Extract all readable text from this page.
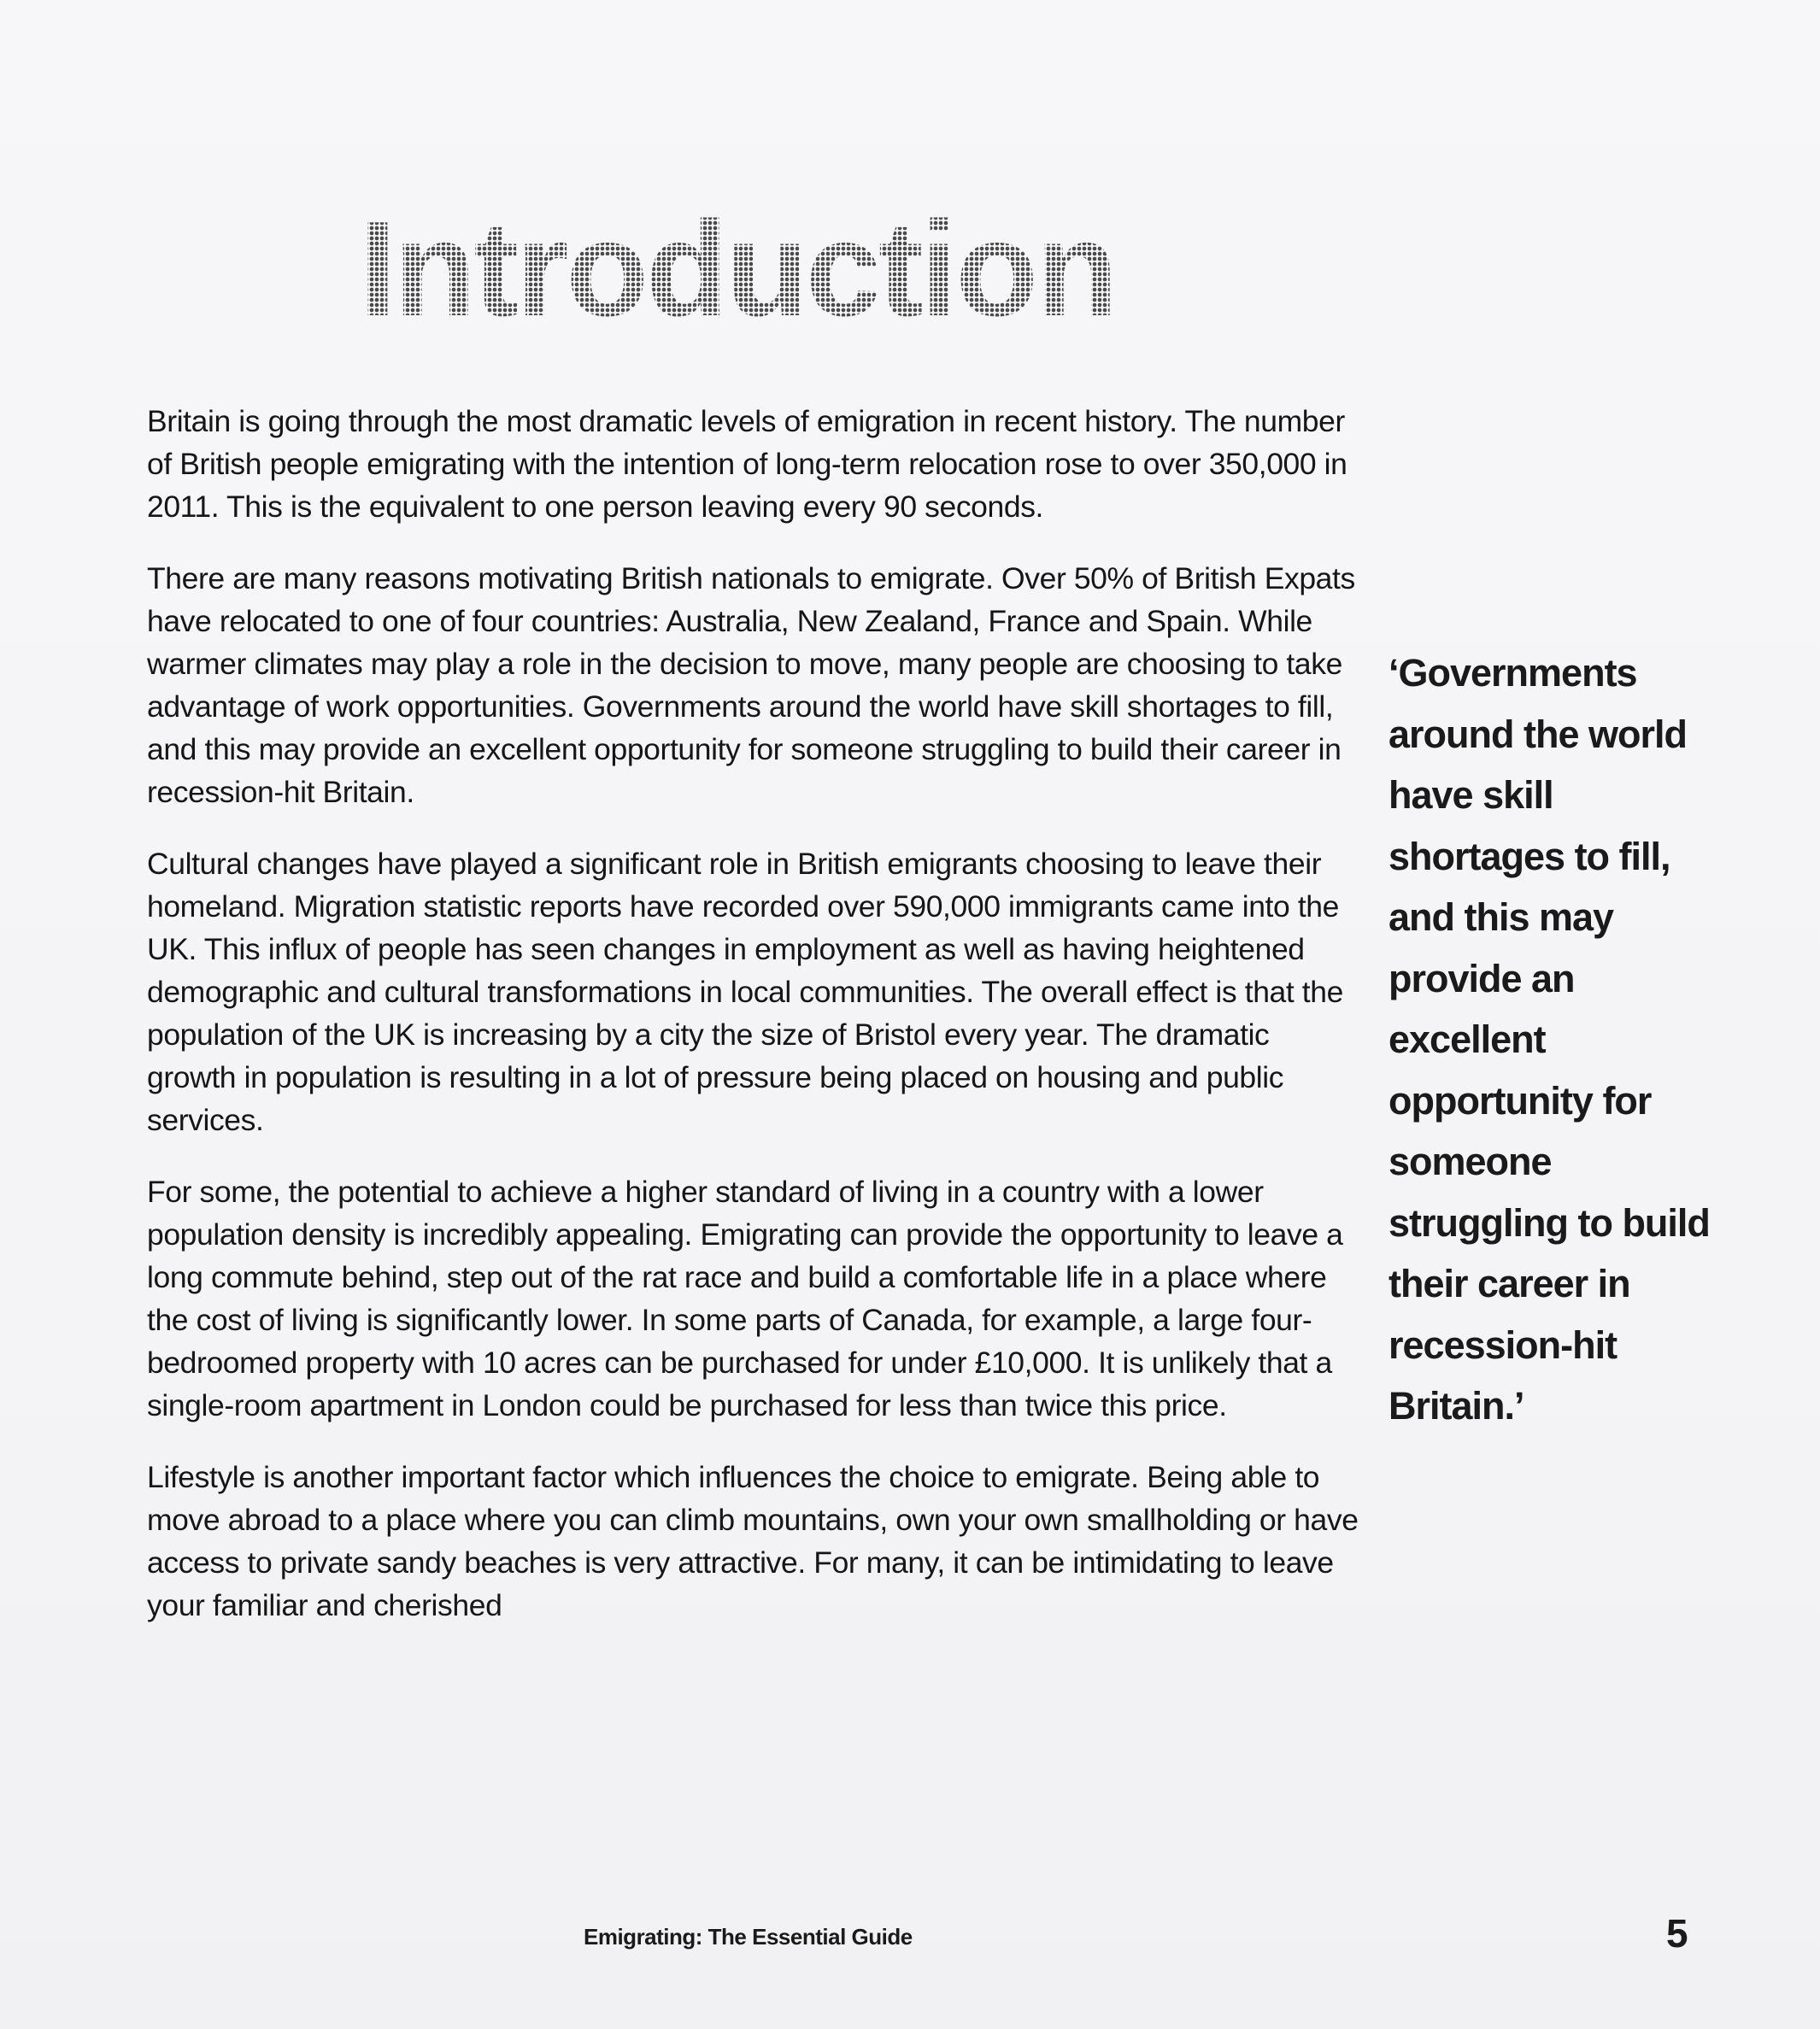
Introduction

Britain is going through the most dramatic levels of emigration in recent history. The number of British people emigrating with the intention of long-term relocation rose to over 350,000 in 2011. This is the equivalent to one person leaving every 90 seconds.

There are many reasons motivating British nationals to emigrate. Over 50% of British Expats have relocated to one of four countries: Australia, New Zealand, France and Spain. While warmer climates may play a role in the decision to move, many people are choosing to take advantage of work opportunities. Governments around the world have skill shortages to fill, and this may provide an excellent opportunity for someone struggling to build their career in recession-hit Britain.

Cultural changes have played a significant role in British emigrants choosing to leave their homeland. Migration statistic reports have recorded over 590,000 immigrants came into the UK. This influx of people has seen changes in employment as well as having heightened demographic and cultural transformations in local communities. The overall effect is that the population of the UK is increasing by a city the size of Bristol every year. The dramatic growth in population is resulting in a lot of pressure being placed on housing and public services.

For some, the potential to achieve a higher standard of living in a country with a lower population density is incredibly appealing. Emigrating can provide the opportunity to leave a long commute behind, step out of the rat race and build a comfortable life in a place where the cost of living is significantly lower. In some parts of Canada, for example, a large four-bedroomed property with 10 acres can be purchased for under £10,000. It is unlikely that a single-room apartment in London could be purchased for less than twice this price.

Lifestyle is another important factor which influences the choice to emigrate. Being able to move abroad to a place where you can climb mountains, own your own smallholding or have access to private sandy beaches is very attractive. For many, it can be intimidating to leave your familiar and cherished

‘Governments around the world have skill shortages to fill, and this may provide an excellent opportunity for someone struggling to build their career in recession-hit Britain.’

Emigrating: The Essential Guide	5
